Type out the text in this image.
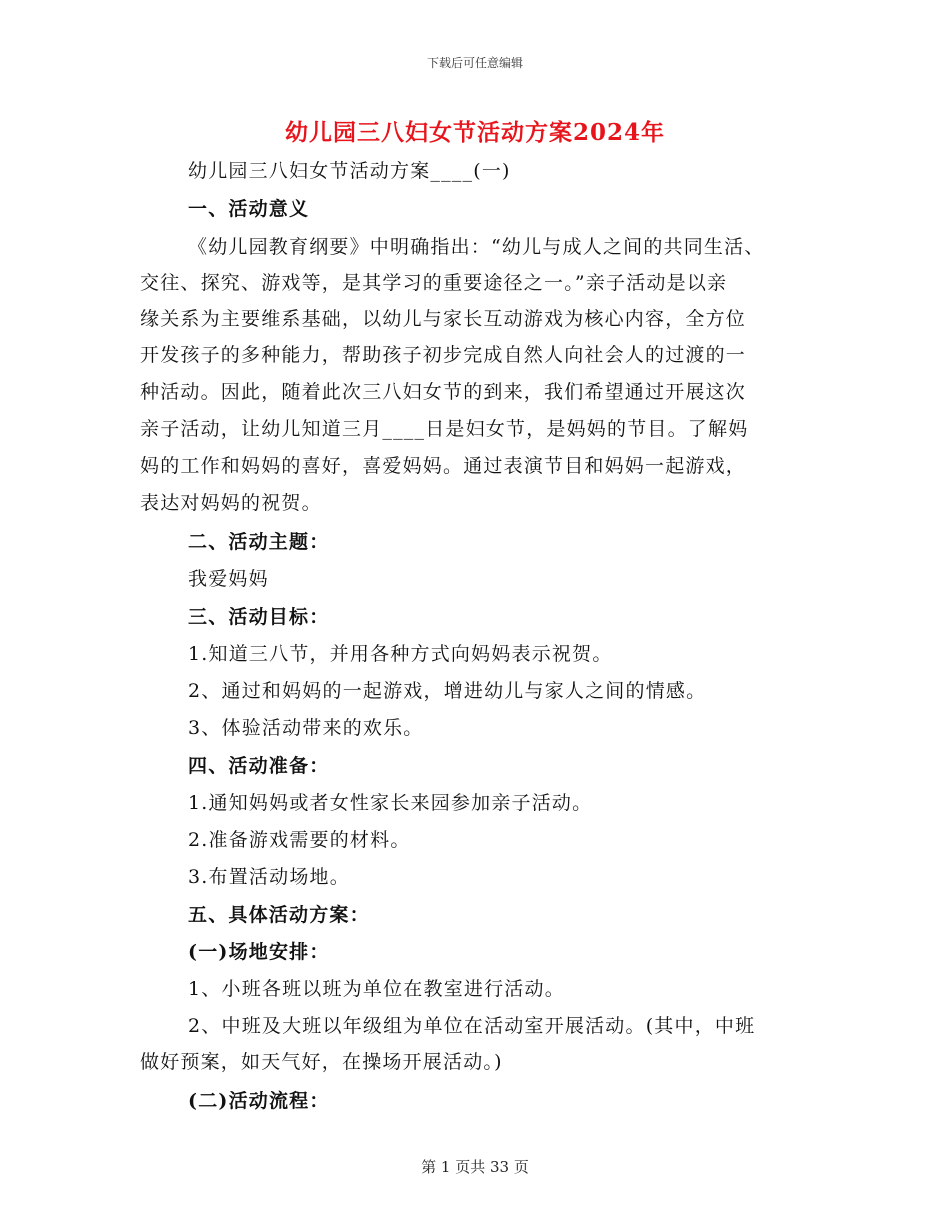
下载后可任意编辑
幼儿园三八妇女节活动方案2024年
幼儿园三八妇女节活动方案____(一)
一、活动意义
《幼儿园教育纲要》中明确指出：“幼儿与成人之间的共同生活、
交往、探究、游戏等，是其学习的重要途径之一。”亲子活动是以亲
缘关系为主要维系基础，以幼儿与家长互动游戏为核心内容，全方位
开发孩子的多种能力，帮助孩子初步完成自然人向社会人的过渡的一
种活动。因此，随着此次三八妇女节的到来，我们希望通过开展这次
亲子活动，让幼儿知道三月____日是妇女节，是妈妈的节目。了解妈
妈的工作和妈妈的喜好，喜爱妈妈。通过表演节目和妈妈一起游戏，
表达对妈妈的祝贺。
二、活动主题：
我爱妈妈
三、活动目标：
1.知道三八节，并用各种方式向妈妈表示祝贺。
2、通过和妈妈的一起游戏，增进幼儿与家人之间的情感。
3、体验活动带来的欢乐。
四、活动准备：
1.通知妈妈或者女性家长来园参加亲子活动。
2.准备游戏需要的材料。
3.布置活动场地。
五、具体活动方案：
(一)场地安排：
1、小班各班以班为单位在教室进行活动。
2、中班及大班以年级组为单位在活动室开展活动。(其中，中班
做好预案，如天气好，在操场开展活动。)
(二)活动流程：
第 1 页共 33 页
